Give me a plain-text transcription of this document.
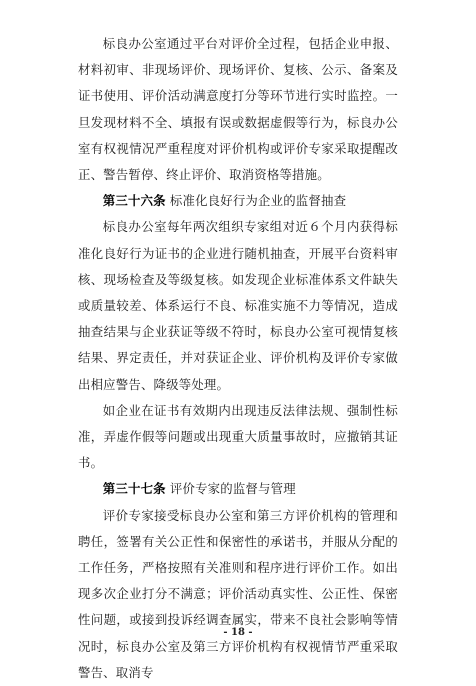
标良办公室通过平台对评价全过程，包括企业申报、材料初审、非现场评价、现场评价、复核、公示、备案及证书使用、评价活动满意度打分等环节进行实时监控。一旦发现材料不全、填报有误或数据虚假等行为，标良办公室有权视情况严重程度对评价机构或评价专家采取提醒改正、警告暂停、终止评价、取消资格等措施。

第三十六条 标准化良好行为企业的监督抽查

标良办公室每年两次组织专家组对近６个月内获得标准化良好行为证书的企业进行随机抽查，开展平台资料审核、现场检查及等级复核。如发现企业标准体系文件缺失或质量较差、体系运行不良、标准实施不力等情况，造成抽查结果与企业获证等级不符时，标良办公室可视情复核结果、界定责任，并对获证企业、评价机构及评价专家做出相应警告、降级等处理。

如企业在证书有效期内出现违反法律法规、强制性标准，弄虚作假等问题或出现重大质量事故时，应撤销其证书。

第三十七条 评价专家的监督与管理

评价专家接受标良办公室和第三方评价机构的管理和聘任，签署有关公正性和保密性的承诺书，并服从分配的工作任务，严格按照有关准则和程序进行评价工作。如出现多次企业打分不满意；评价活动真实性、公正性、保密性问题，或接到投诉经调查属实，带来不良社会影响等情况时，标良办公室及第三方评价机构有权视情节严重采取警告、取消专

- 18 -
